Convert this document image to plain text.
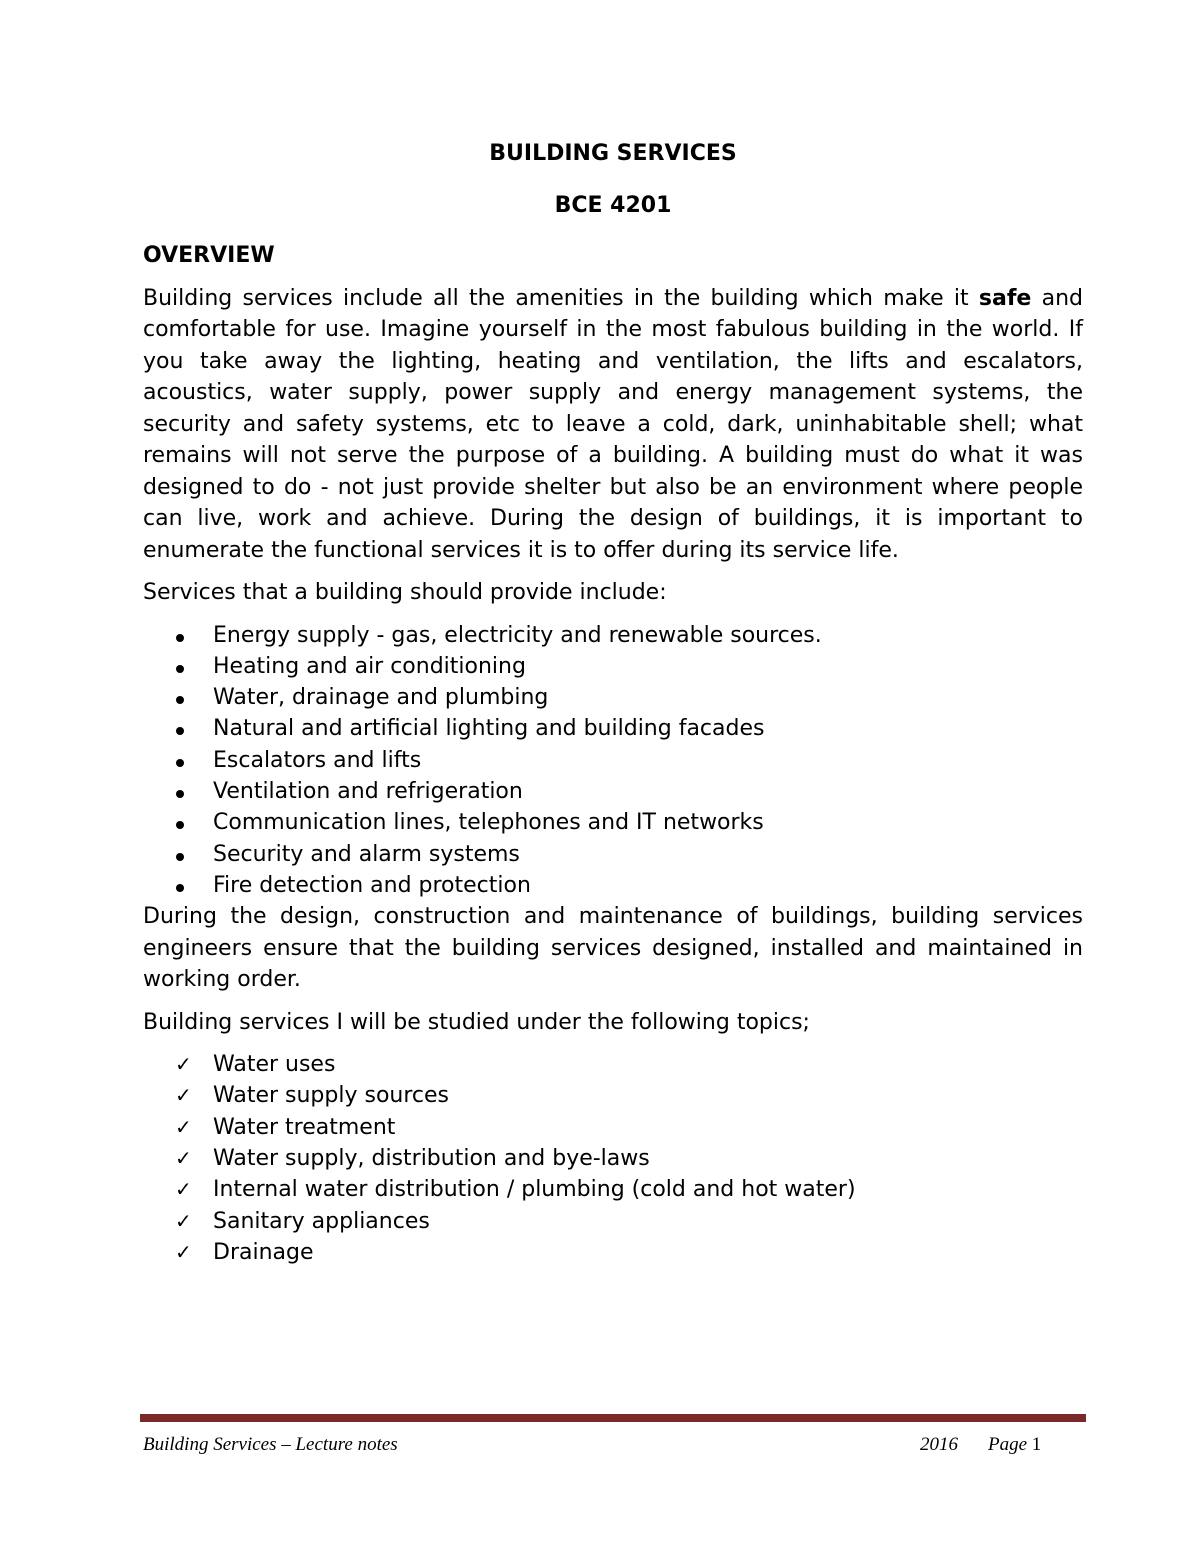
BUILDING SERVICES
BCE 4201
OVERVIEW

Building services include all the amenities in the building which make it safe and comfortable for use. Imagine yourself in the most fabulous building in the world. If you take away the lighting, heating and ventilation, the lifts and escalators, acoustics, water supply, power supply and energy management systems, the security and safety systems, etc to leave a cold, dark, uninhabitable shell; what remains will not serve the purpose of a building. A building must do what it was designed to do - not just provide shelter but also be an environment where people can live, work and achieve. During the design of buildings, it is important to enumerate the functional services it is to offer during its service life.

Services that a building should provide include:

Energy supply - gas, electricity and renewable sources.
Heating and air conditioning
Water, drainage and plumbing
Natural and artificial lighting and building facades
Escalators and lifts
Ventilation and refrigeration
Communication lines, telephones and IT networks
Security and alarm systems
Fire detection and protection

During the design, construction and maintenance of buildings, building services engineers ensure that the building services designed, installed and maintained in working order.

Building services I will be studied under the following topics;

✓ Water uses
✓ Water supply sources
✓ Water treatment
✓ Water supply, distribution and bye-laws
✓ Internal water distribution / plumbing (cold and hot water)
✓ Sanitary appliances
✓ Drainage
Building Services – Lecture notes	2016 Page 1
